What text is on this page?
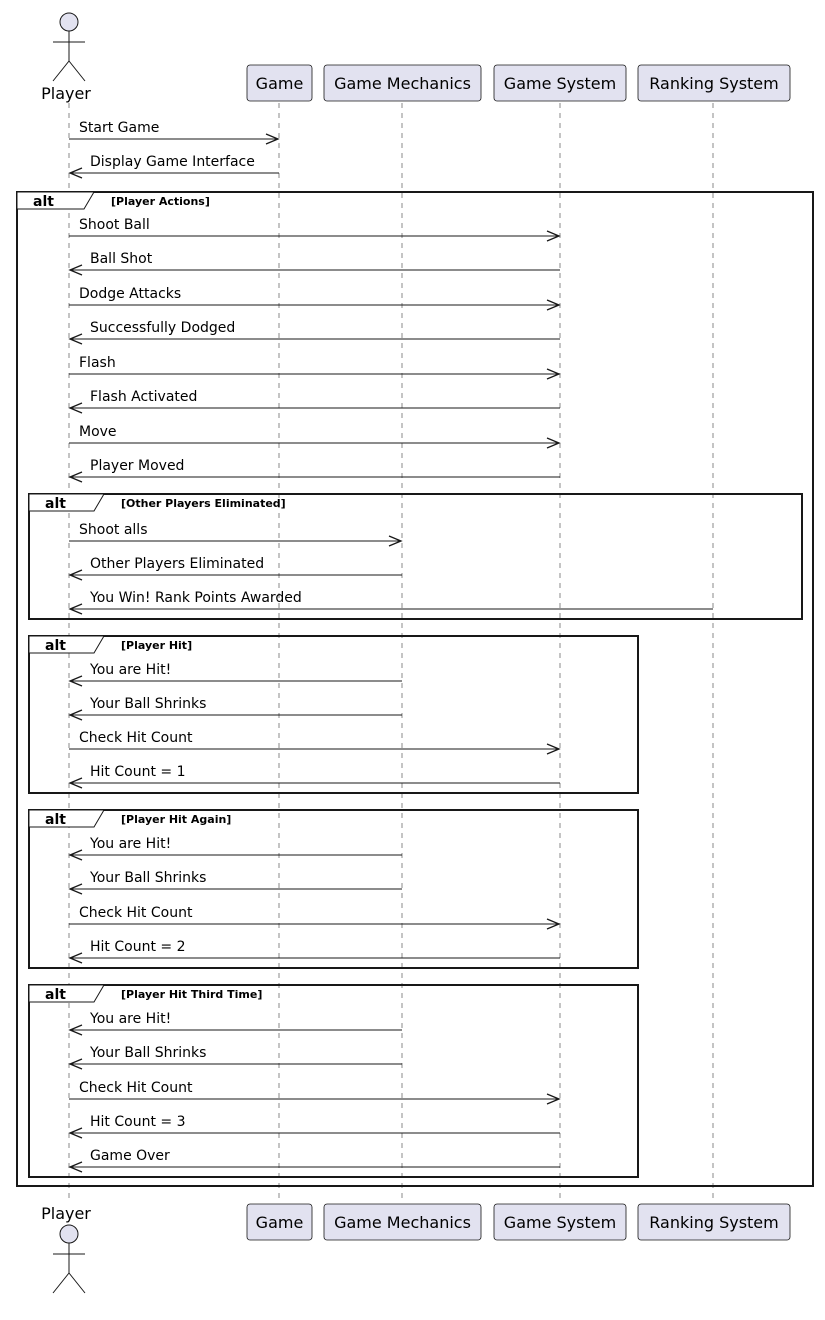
Game Game Mechanics Game System Ranking System
Game Game Mechanics Game System Ranking System
Player
Player
alt	[Player Actions]
alt	[Other Players Eliminated]
alt	[Player Hit]
alt	[Player Hit Again]
alt	[Player Hit Third Time]
Start Game
Display Game Interface
Shoot Ball
Ball Shot
Dodge Attacks
Successfully Dodged
Flash
Flash Activated
Move
Player Moved
Shoot alls
Other Players Eliminated
You Win! Rank Points Awarded
You are Hit!
Your Ball Shrinks
Check Hit Count
Hit Count = 1
You are Hit!
Your Ball Shrinks
Check Hit Count
Hit Count = 2
You are Hit!
Your Ball Shrinks
Check Hit Count
Hit Count = 3
Game Over
